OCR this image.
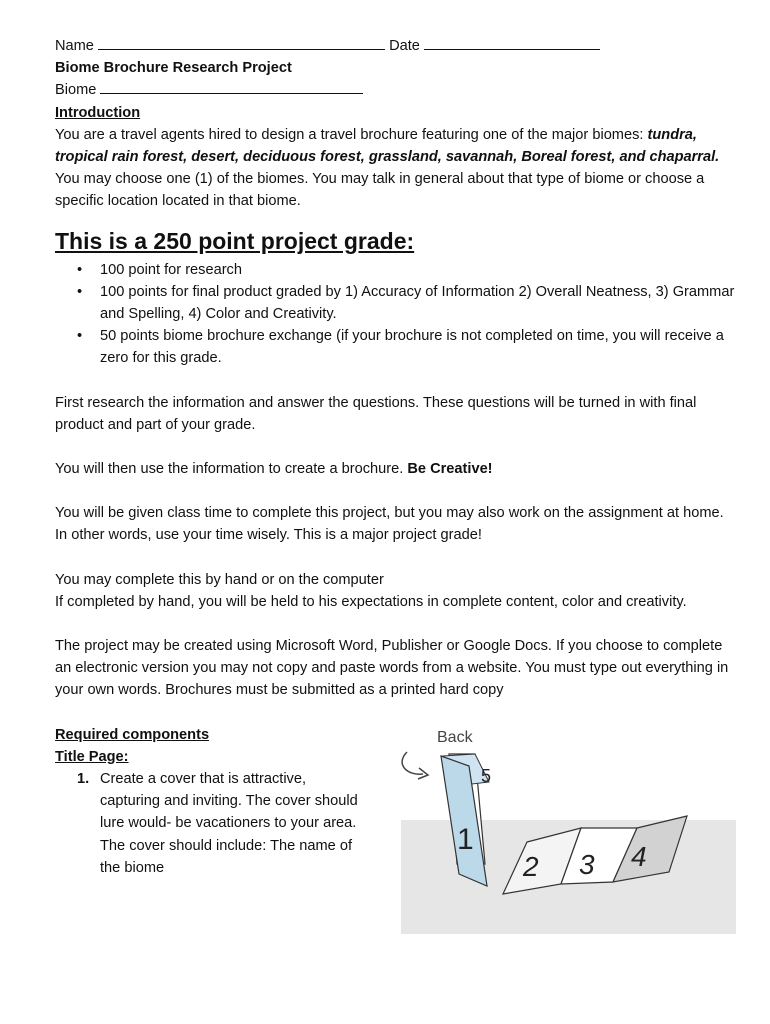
Name	Date

Biome Brochure Research Project

Biome

Introduction

You are a travel agents hired to design a travel brochure featuring one of the major biomes: tundra, tropical rain forest, desert, deciduous forest, grassland, savannah, Boreal forest, and chaparral. You may choose one (1) of the biomes. You may talk in general about that type of biome or choose a specific location located in that biome.

This is a 250 point project grade:
• 100 point for research
• 100 points for final product graded by 1) Accuracy of Information 2) Overall Neatness, 3) Grammar and Spelling, 4) Color and Creativity.
• 50 points biome brochure exchange (if your brochure is not completed on time, you will receive a zero for this grade.

First research the information and answer the questions. These questions will be turned in with final product and part of your grade.

You will then use the information to create a brochure. Be Creative!

You will be given class time to complete this project, but you may also work on the assignment at home. In other words, use your time wisely. This is a major project grade!

You may complete this by hand or on the computer

If completed by hand, you will be held to his expectations in complete content, color and creativity.

The project may be created using Microsoft Word, Publisher or Google Docs. If you choose to complete an electronic version you may not copy and paste words from a website. You must type out everything in your own words. Brochures must be submitted as a printed hard copy

Required components

Title Page:

1. Create a cover that is attractive, capturing and inviting. The cover should lure would- be vacationers to your area. The cover should include: The name of the biome
Back
5
1
2 3 4
